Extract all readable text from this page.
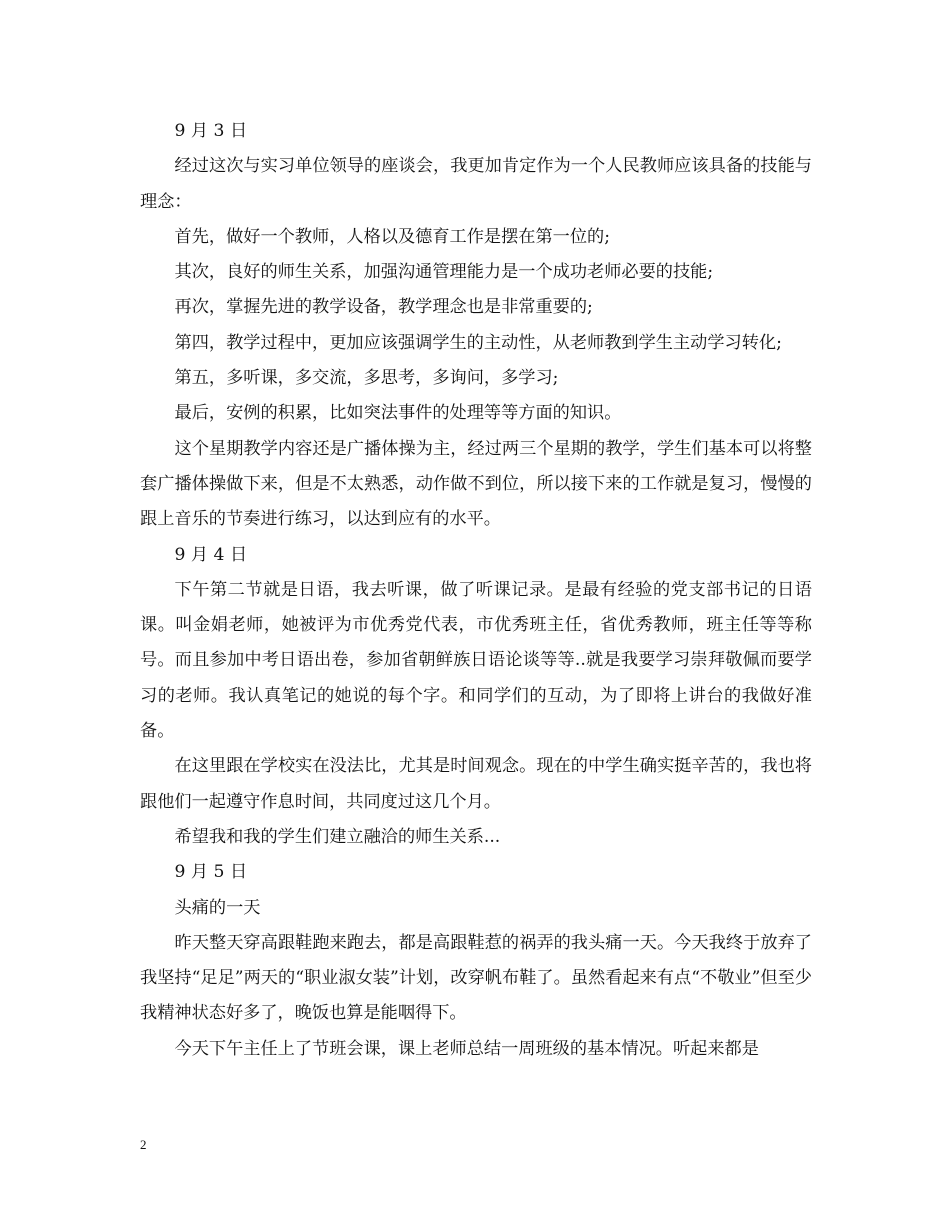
9 月 3 日

经过这次与实习单位领导的座谈会，我更加肯定作为一个人民教师应该具备的技能与理念：

首先，做好一个教师，人格以及德育工作是摆在第一位的;

其次，良好的师生关系，加强沟通管理能力是一个成功老师必要的技能;

再次，掌握先进的教学设备，教学理念也是非常重要的;

第四，教学过程中，更加应该强调学生的主动性，从老师教到学生主动学习转化;

第五，多听课，多交流，多思考，多询问，多学习;

最后，安例的积累，比如突法事件的处理等等方面的知识。

这个星期教学内容还是广播体操为主，经过两三个星期的教学，学生们基本可以将整套广播体操做下来，但是不太熟悉，动作做不到位，所以接下来的工作就是复习，慢慢的跟上音乐的节奏进行练习，以达到应有的水平。

9 月 4 日

下午第二节就是日语，我去听课，做了听课记录。是最有经验的党支部书记的日语课。叫金娟老师，她被评为市优秀党代表，市优秀班主任，省优秀教师，班主任等等称号。而且参加中考日语出卷，参加省朝鲜族日语论谈等等..就是我要学习崇拜敬佩而要学习的老师。我认真笔记的她说的每个字。和同学们的互动，为了即将上讲台的我做好准备。

在这里跟在学校实在没法比，尤其是时间观念。现在的中学生确实挺辛苦的，我也将跟他们一起遵守作息时间，共同度过这几个月。

希望我和我的学生们建立融洽的师生关系...

9 月 5 日

头痛的一天

昨天整天穿高跟鞋跑来跑去，都是高跟鞋惹的祸弄的我头痛一天。今天我终于放弃了我坚持“足足”两天的“职业淑女装”计划，改穿帆布鞋了。虽然看起来有点“不敬业”但至少我精神状态好多了，晚饭也算是能咽得下。

今天下午主任上了节班会课，课上老师总结一周班级的基本情况。听起来都是

2
